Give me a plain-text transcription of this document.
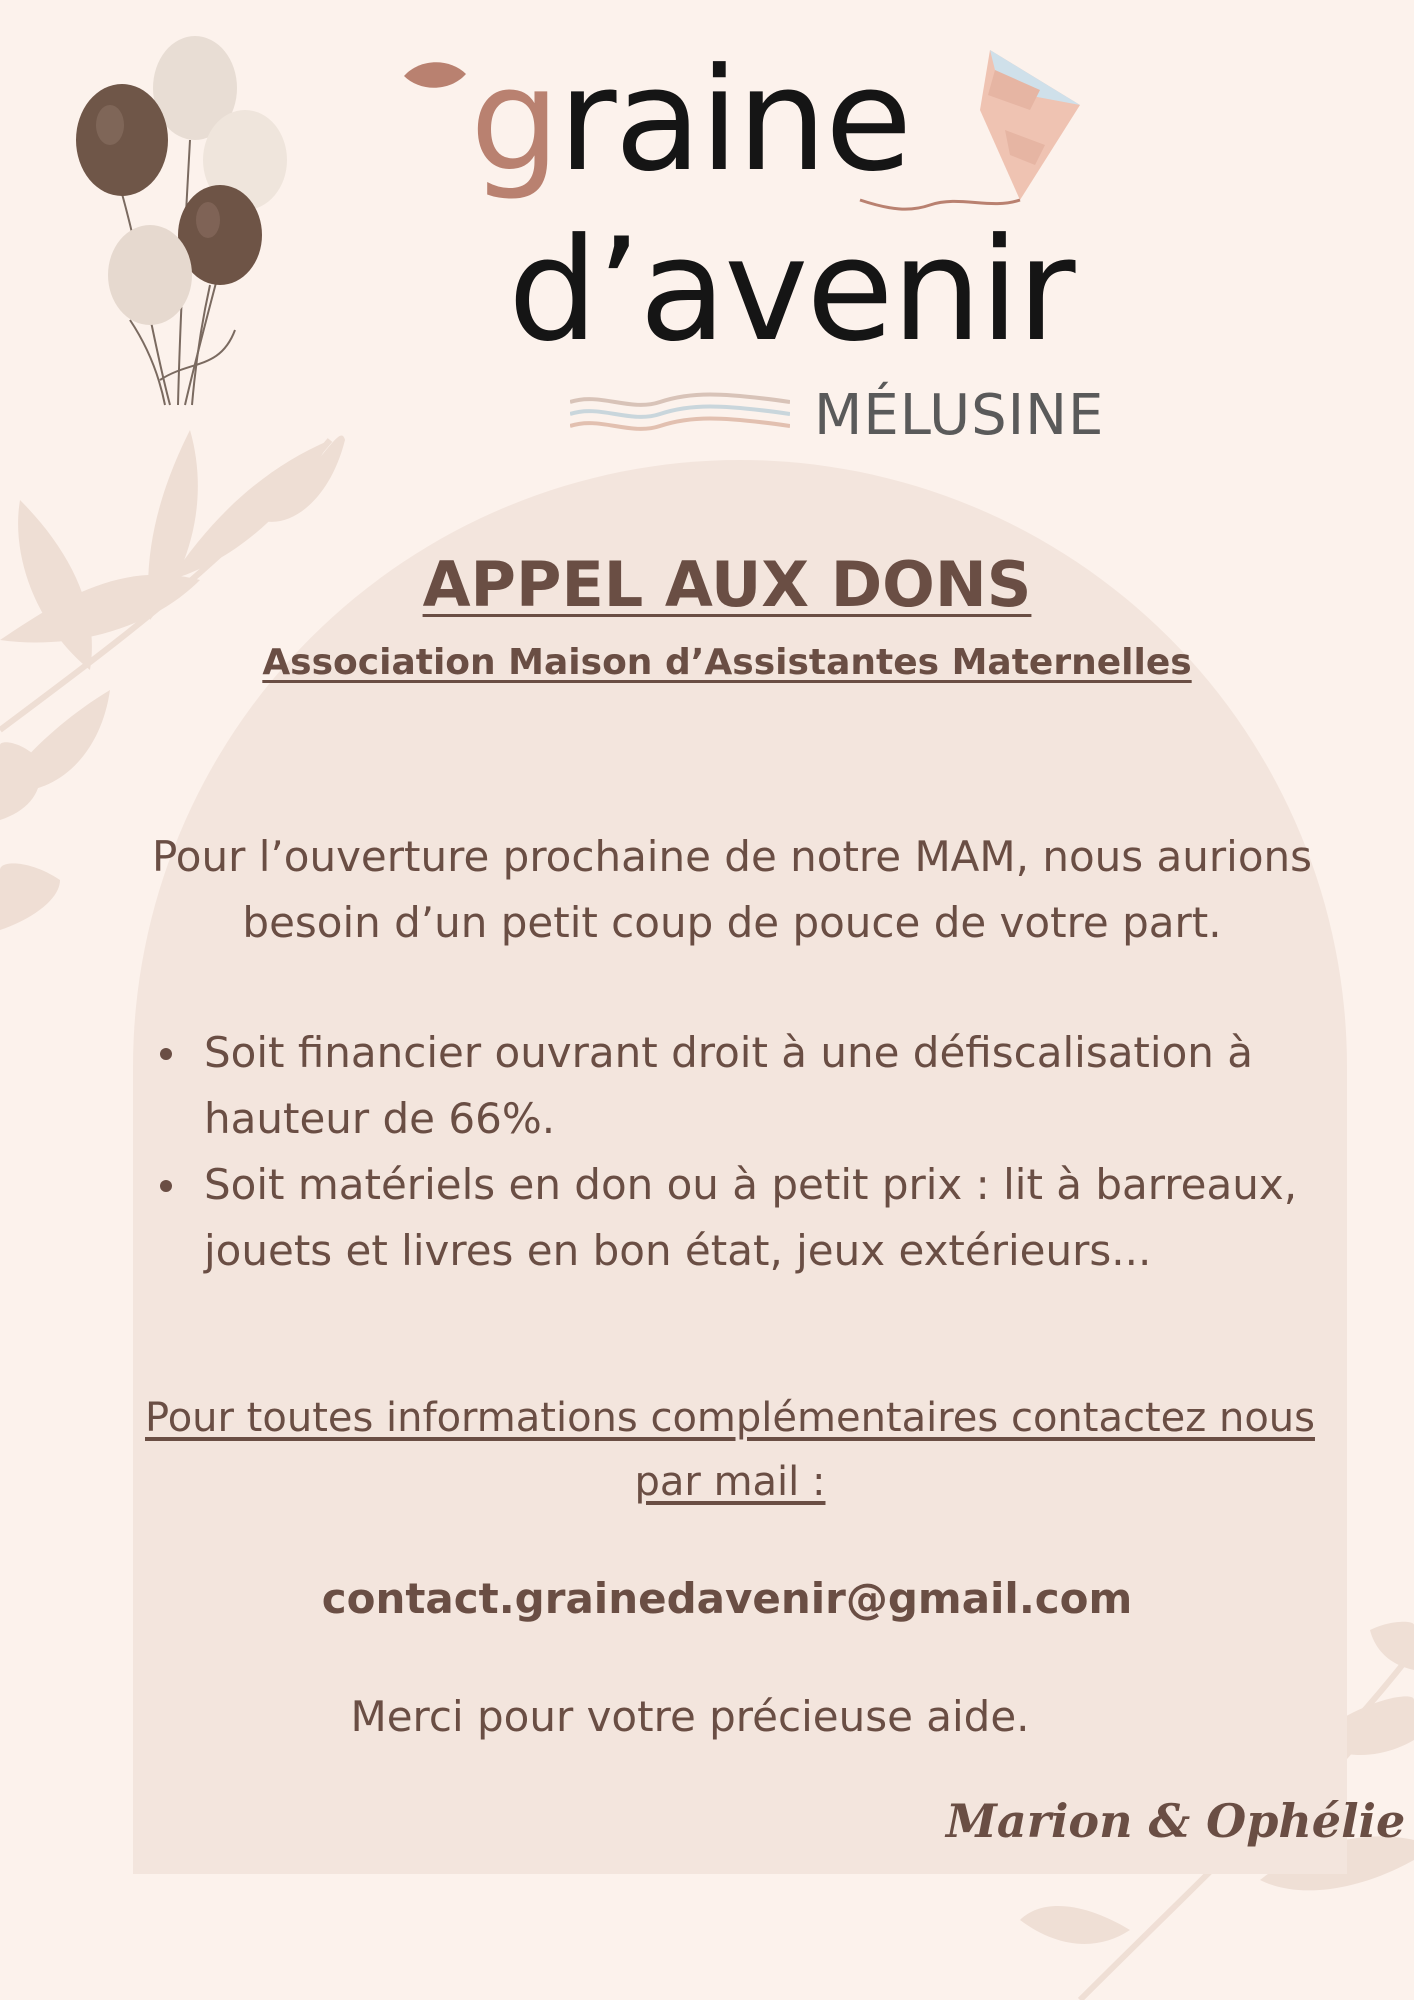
graine

d’avenir

MÉLUSINE
APPEL AUX DONS
Association Maison d’Assistantes Maternelles

Pour l’ouverture prochaine de notre MAM, nous aurions besoin d’un petit coup de pouce de votre part.

Soit financier ouvrant droit à une défiscalisation à hauteur de 66%.
Soit matériels en don ou à petit prix : lit à barreaux, jouets et livres en bon état, jeux extérieurs...

Pour toutes informations complémentaires contactez nous par mail :

contact.grainedavenir@gmail.com

Merci pour votre précieuse aide.

Marion & Ophélie
